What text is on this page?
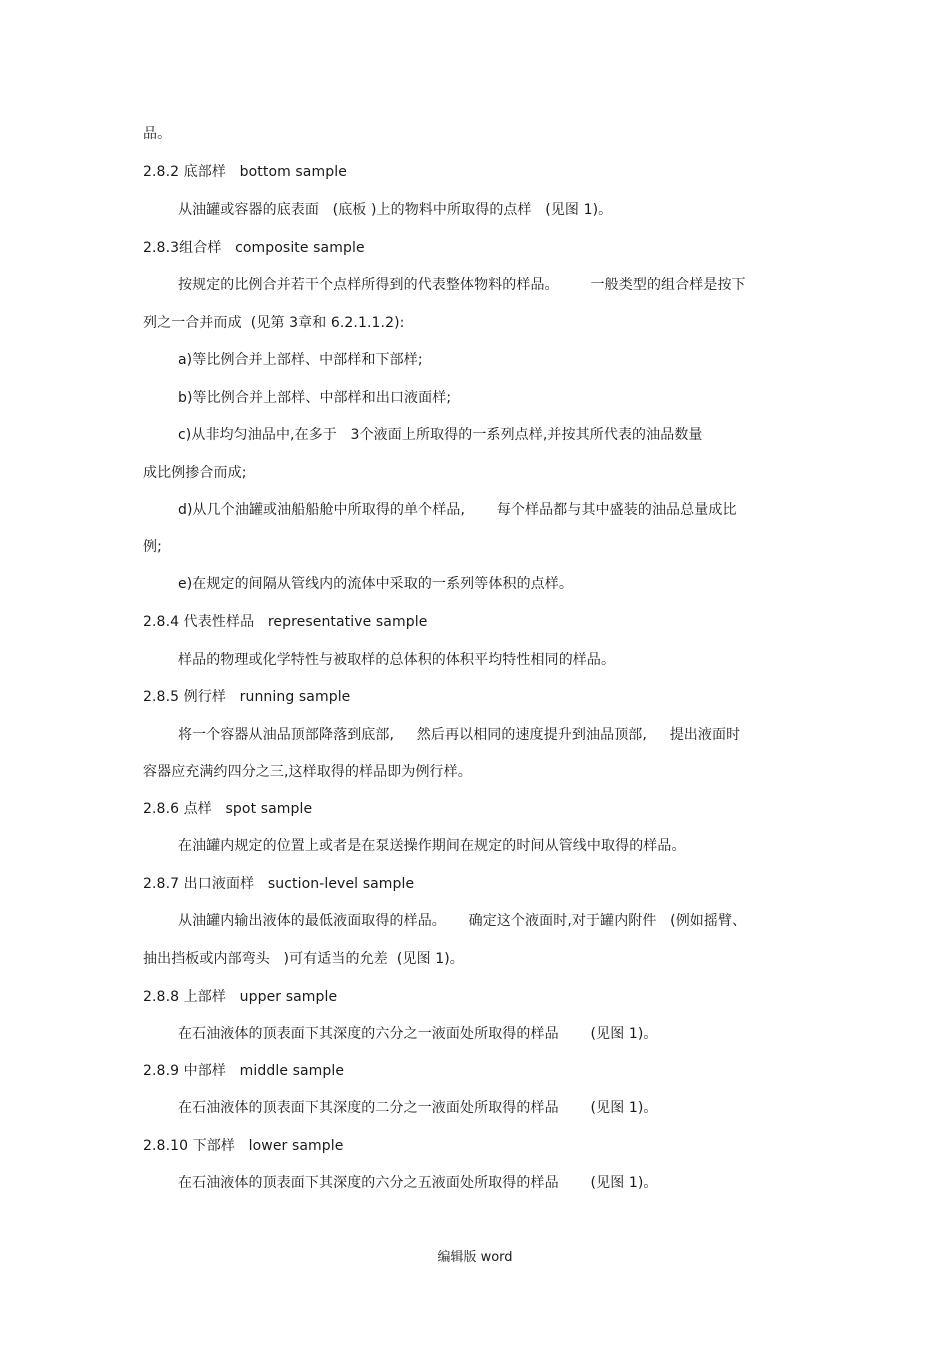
品。
2.8.2 底部样   bottom sample
从油罐或容器的底表面   (底板 )上的物料中所取得的点样   (见图 1)。
2.8.3组合样   composite sample
按规定的比例合并若干个点样所得到的代表整体物料的样品。       一般类型的组合样是按下
列之一合并而成  (见第 3章和 6.2.1.1.2):
a)等比例合并上部样、中部样和下部样;
b)等比例合并上部样、中部样和出口液面样;
c)从非均匀油品中,在多于   3个液面上所取得的一系列点样,并按其所代表的油品数量
成比例掺合而成;
d)从几个油罐或油船船舱中所取得的单个样品,       每个样品都与其中盛装的油品总量成比
例;
e)在规定的间隔从管线内的流体中采取的一系列等体积的点样。
2.8.4 代表性样品   representative sample
样品的物理或化学特性与被取样的总体积的体积平均特性相同的样品。
2.8.5 例行样   running sample
将一个容器从油品顶部降落到底部,     然后再以相同的速度提升到油品顶部,     提出液面时
容器应充满约四分之三,这样取得的样品即为例行样。
2.8.6 点样   spot sample
在油罐内规定的位置上或者是在泵送操作期间在规定的时间从管线中取得的样品。
2.8.7 出口液面样   suction-level sample
从油罐内输出液体的最低液面取得的样品。     确定这个液面时,对于罐内附件   (例如摇臂、
抽出挡板或内部弯头   )可有适当的允差  (见图 1)。
2.8.8 上部样   upper sample
在石油液体的顶表面下其深度的六分之一液面处所取得的样品       (见图 1)。
2.8.9 中部样   middle sample
在石油液体的顶表面下其深度的二分之一液面处所取得的样品       (见图 1)。
2.8.10 下部样   lower sample
在石油液体的顶表面下其深度的六分之五液面处所取得的样品       (见图 1)。
编辑版 word
